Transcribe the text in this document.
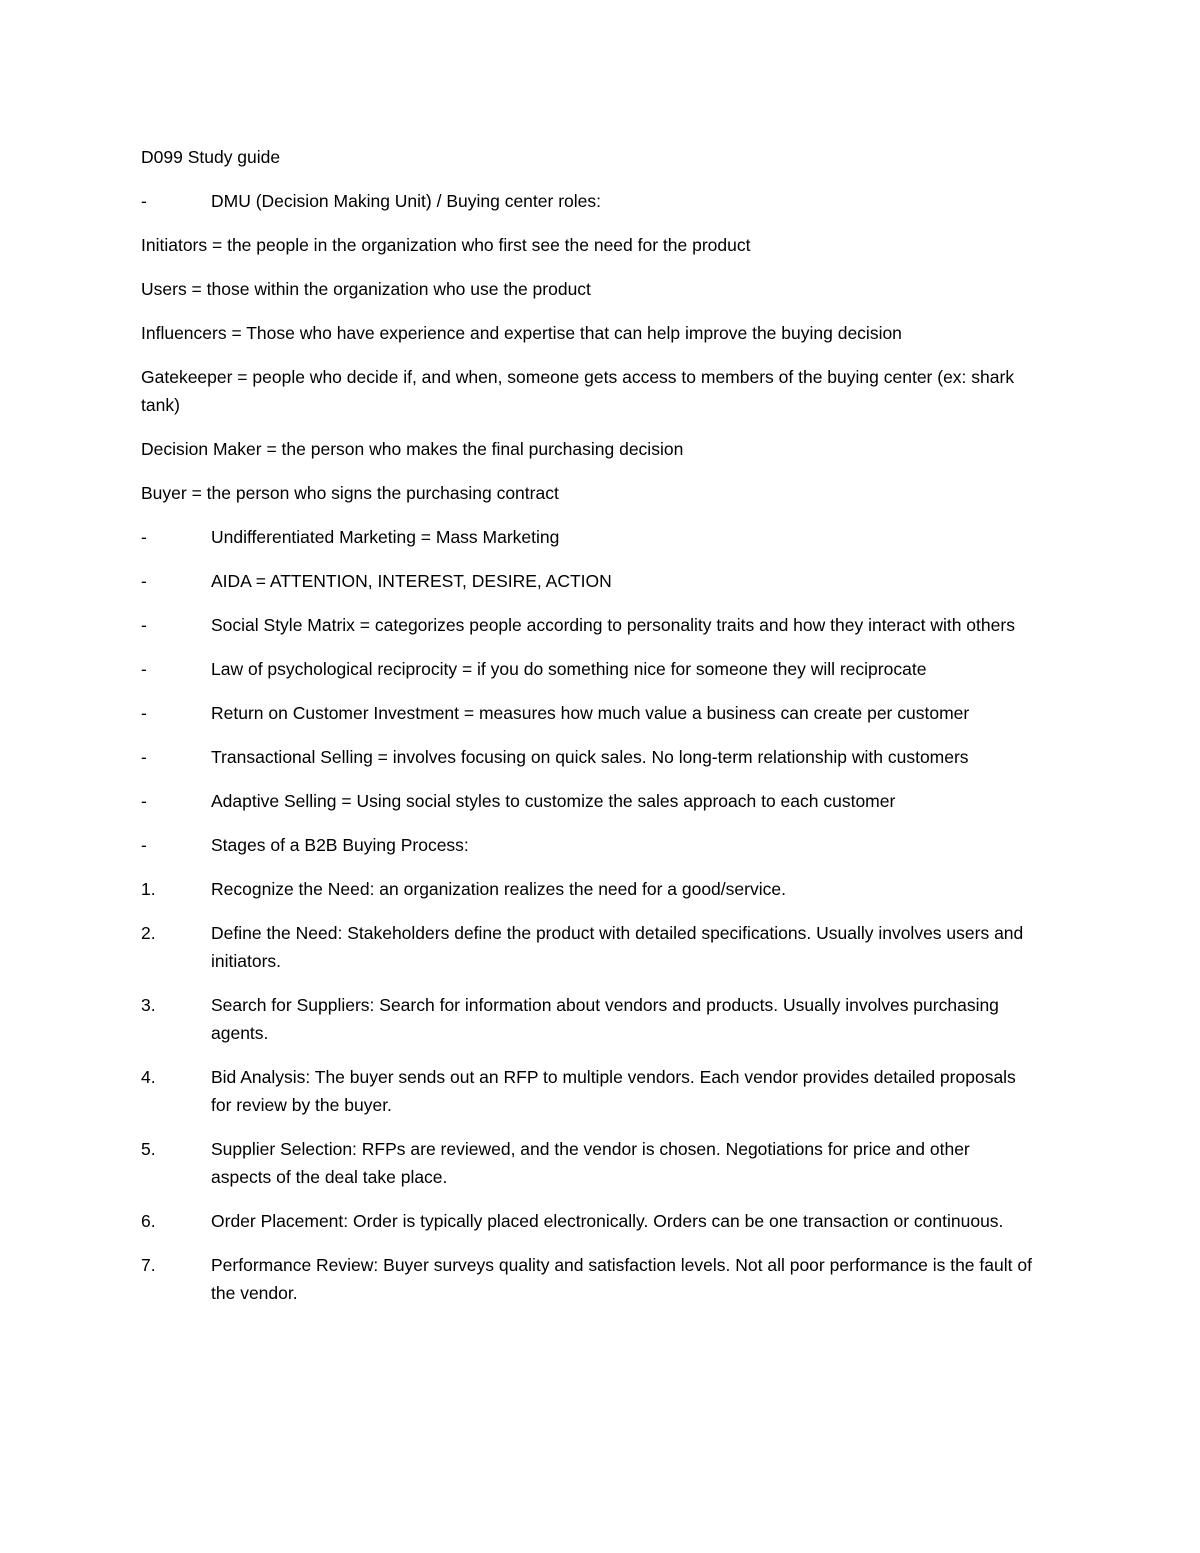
D099 Study guide
-	DMU (Decision Making Unit) / Buying center roles:
Initiators = the people in the organization who first see the need for the product
Users = those within the organization who use the product
Influencers = Those who have experience and expertise that can help improve the buying decision
Gatekeeper = people who decide if, and when, someone gets access to members of the buying center (ex: shark tank)
Decision Maker = the person who makes the final purchasing decision
Buyer = the person who signs the purchasing contract
-	Undifferentiated Marketing = Mass Marketing
-	AIDA = ATTENTION, INTEREST, DESIRE, ACTION
-	Social Style Matrix = categorizes people according to personality traits and how they interact with others
-	Law of psychological reciprocity = if you do something nice for someone they will reciprocate
-	Return on Customer Investment = measures how much value a business can create per customer
-	Transactional Selling = involves focusing on quick sales. No long-term relationship with customers
-	Adaptive Selling = Using social styles to customize the sales approach to each customer
-	Stages of a B2B Buying Process:
1.	Recognize the Need: an organization realizes the need for a good/service.
2.	Define the Need: Stakeholders define the product with detailed specifications. Usually involves users and initiators.
3.	Search for Suppliers: Search for information about vendors and products. Usually involves purchasing agents.
4.	Bid Analysis: The buyer sends out an RFP to multiple vendors. Each vendor provides detailed proposals for review by the buyer.
5.	Supplier Selection: RFPs are reviewed, and the vendor is chosen. Negotiations for price and other aspects of the deal take place.
6.	Order Placement: Order is typically placed electronically. Orders can be one transaction or continuous.
7.	Performance Review: Buyer surveys quality and satisfaction levels. Not all poor performance is the fault of the vendor.
